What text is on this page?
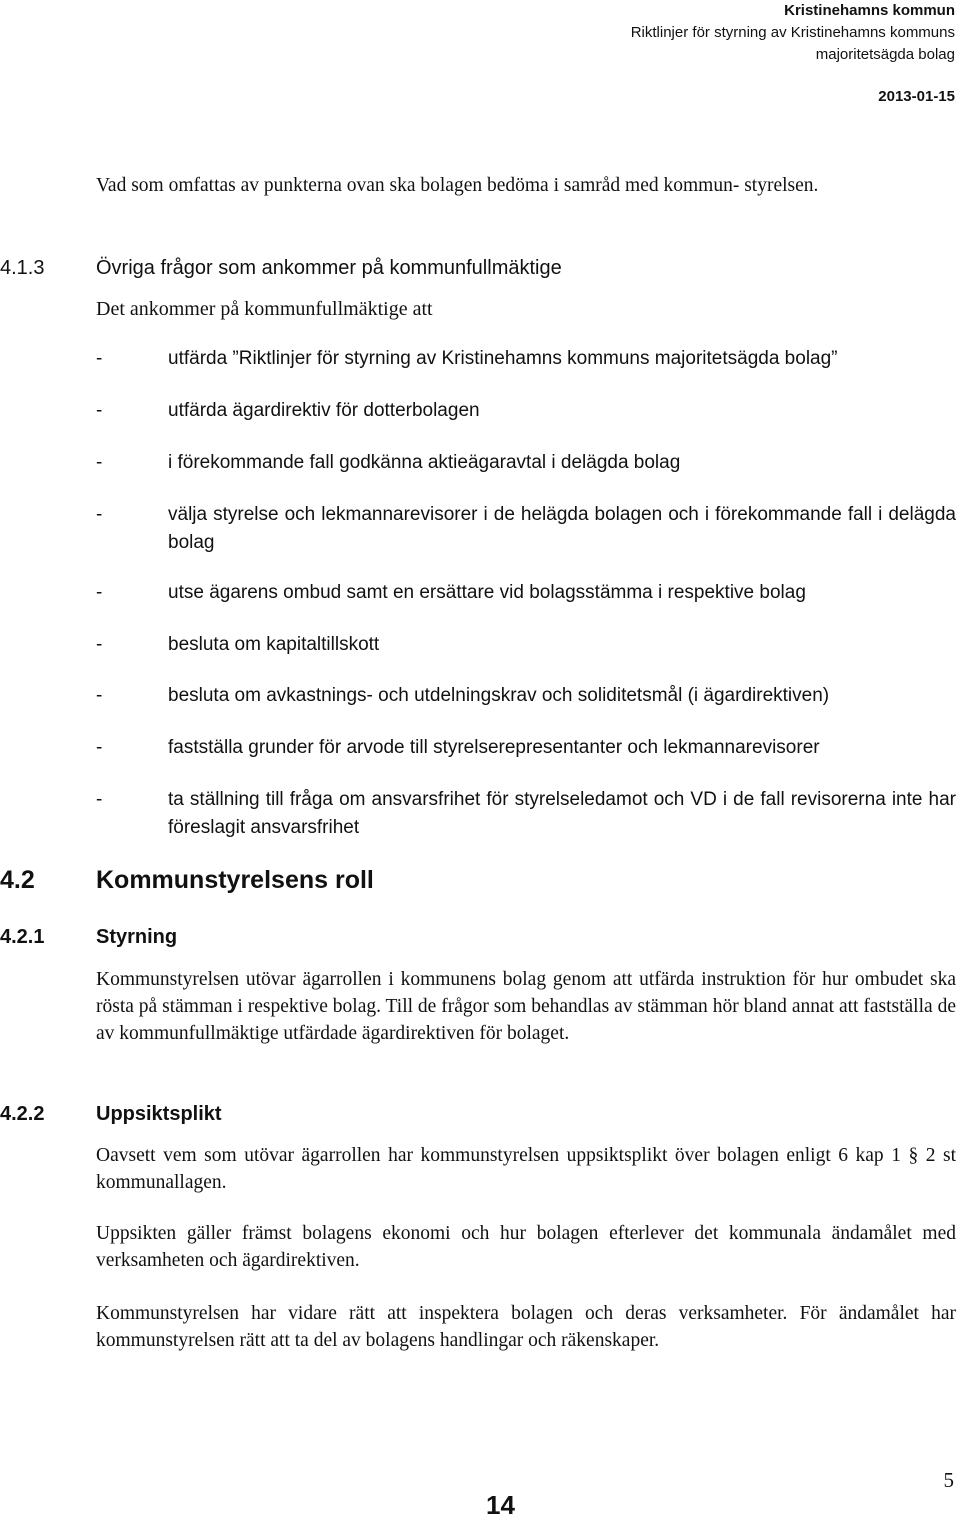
Kristinehamns kommun
Riktlinjer för styrning av Kristinehamns kommuns
majoritetsägda bolag
2013-01-15

Vad som omfattas av punkterna ovan ska bolagen bedöma i samråd med kommun- styrelsen.

4.1.3	Övriga frågor som ankommer på kommunfullmäktige

Det ankommer på kommunfullmäktige att

-	utfärda ”Riktlinjer för styrning av Kristinehamns kommuns majoritetsägda bolag”
-	utfärda ägardirektiv för dotterbolagen
-	i förekommande fall godkänna aktieägaravtal i delägda bolag
-	välja styrelse och lekmannarevisorer i de helägda bolagen och i förekommande fall i delägda bolag
-	utse ägarens ombud samt en ersättare vid bolagsstämma i respektive bolag
-	besluta om kapitaltillskott
-	besluta om avkastnings- och utdelningskrav och soliditetsmål (i ägardirektiven)
-	fastställa grunder för arvode till styrelserepresentanter och lekmannarevisorer
-	ta ställning till fråga om ansvarsfrihet för styrelseledamot och VD i de fall revisorerna inte har föreslagit ansvarsfrihet
4.2 Kommunstyrelsens roll
4.2.1	Styrning

Kommunstyrelsen utövar ägarrollen i kommunens bolag genom att utfärda instruktion för hur ombudet ska rösta på stämman i respektive bolag. Till de frågor som behandlas av stämman hör bland annat att fastställa de av kommunfullmäktige utfärdade ägardirektiven för bolaget.

4.2.2	Uppsiktsplikt

Oavsett vem som utövar ägarrollen har kommunstyrelsen uppsiktsplikt över bolagen enligt 6 kap 1 § 2 st kommunallagen.

Uppsikten gäller främst bolagens ekonomi och hur bolagen efterlever det kommunala ändamålet med verksamheten och ägardirektiven.

Kommunstyrelsen har vidare rätt att inspektera bolagen och deras verksamheter. För ändamålet har kommunstyrelsen rätt att ta del av bolagens handlingar och räkenskaper.

14
5
